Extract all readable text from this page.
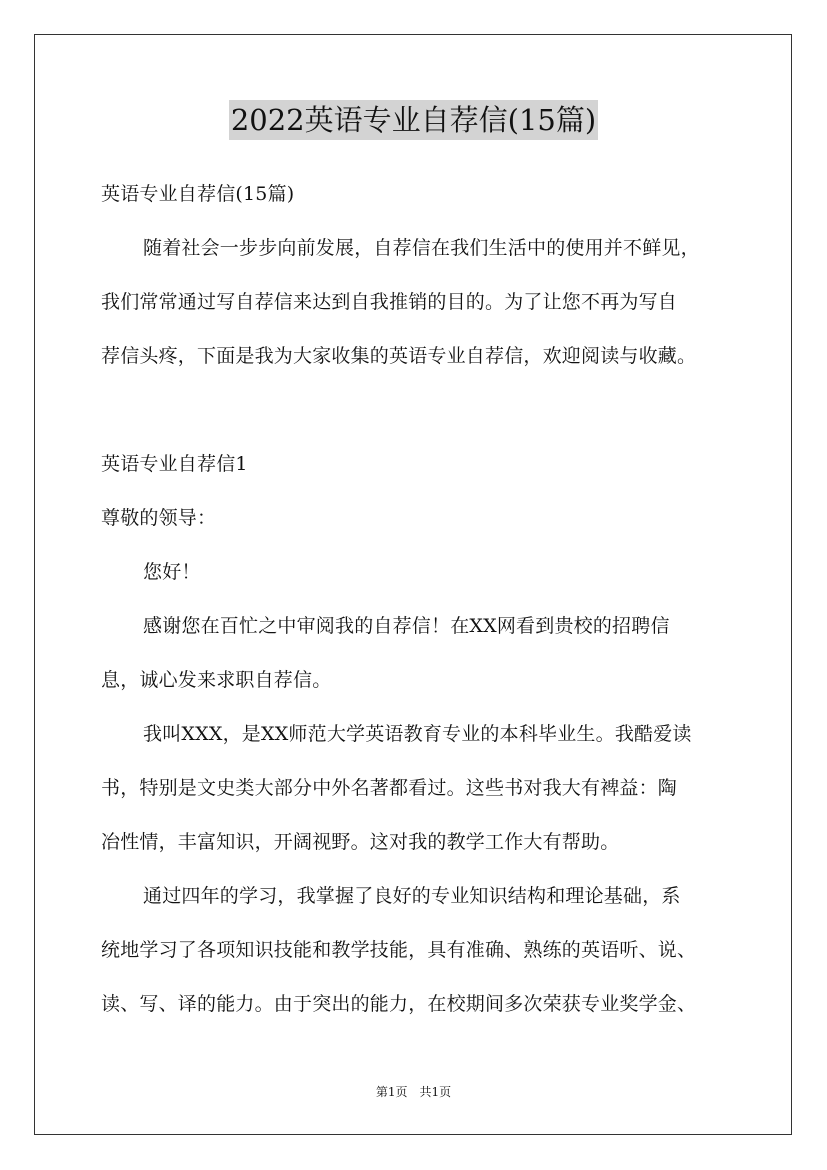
2022英语专业自荐信(15篇)
英语专业自荐信(15篇)
随着社会一步步向前发展，自荐信在我们生活中的使用并不鲜见，
我们常常通过写自荐信来达到自我推销的目的。为了让您不再为写自
荐信头疼，下面是我为大家收集的英语专业自荐信，欢迎阅读与收藏。
英语专业自荐信1
尊敬的领导：
您好！
感谢您在百忙之中审阅我的自荐信！在XX网看到贵校的招聘信
息，诚心发来求职自荐信。
我叫XXX，是XX师范大学英语教育专业的本科毕业生。我酷爱读
书，特别是文史类大部分中外名著都看过。这些书对我大有裨益：陶
冶性情，丰富知识，开阔视野。这对我的教学工作大有帮助。
通过四年的学习，我掌握了良好的专业知识结构和理论基础，系
统地学习了各项知识技能和教学技能，具有准确、熟练的英语听、说、
读、写、译的能力。由于突出的能力，在校期间多次荣获专业奖学金、
第1页　共1页
